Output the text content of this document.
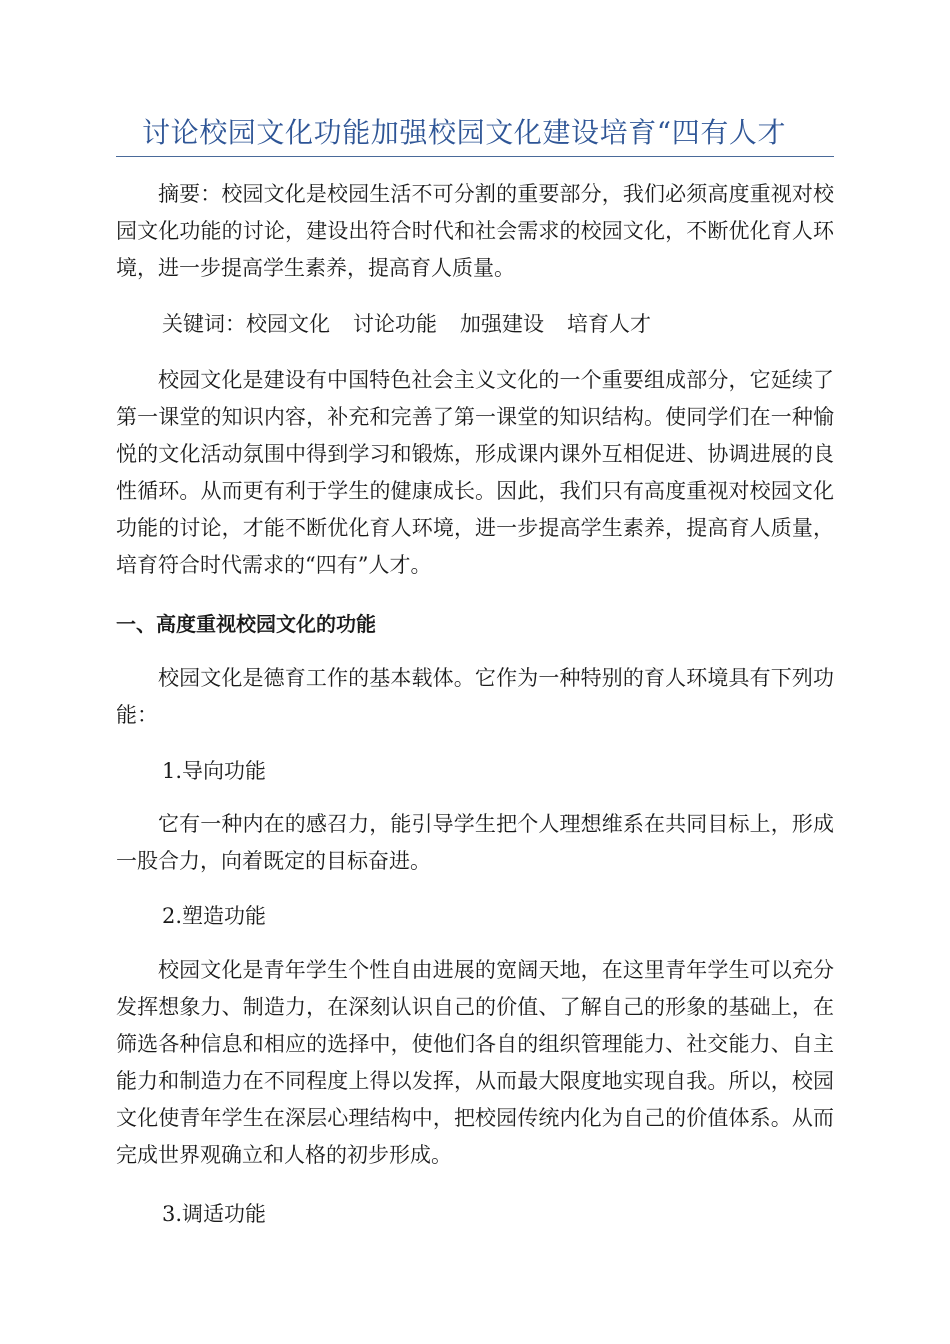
讨论校园文化功能加强校园文化建设培育“四有人才

摘要：校园文化是校园生活不可分割的重要部分，我们必须高度重视对校园文化功能的讨论，建设出符合时代和社会需求的校园文化，不断优化育人环境，进一步提高学生素养，提高育人质量。

关键词：校园文化 讨论功能 加强建设 培育人才

校园文化是建设有中国特色社会主义文化的一个重要组成部分，它延续了第一课堂的知识内容，补充和完善了第一课堂的知识结构。使同学们在一种愉悦的文化活动氛围中得到学习和锻炼，形成课内课外互相促进、协调进展的良性循环。从而更有利于学生的健康成长。因此，我们只有高度重视对校园文化功能的讨论，才能不断优化育人环境，进一步提高学生素养，提高育人质量，培育符合时代需求的“四有”人才。

一、高度重视校园文化的功能

校园文化是德育工作的基本载体。它作为一种特别的育人环境具有下列功能：

1.导向功能

它有一种内在的感召力，能引导学生把个人理想维系在共同目标上，形成一股合力，向着既定的目标奋进。

2.塑造功能

校园文化是青年学生个性自由进展的宽阔天地，在这里青年学生可以充分发挥想象力、制造力，在深刻认识自己的价值、了解自己的形象的基础上，在筛选各种信息和相应的选择中，使他们各自的组织管理能力、社交能力、自主能力和制造力在不同程度上得以发挥，从而最大限度地实现自我。所以，校园文化使青年学生在深层心理结构中，把校园传统内化为自己的价值体系。从而完成世界观确立和人格的初步形成。

3.调适功能
